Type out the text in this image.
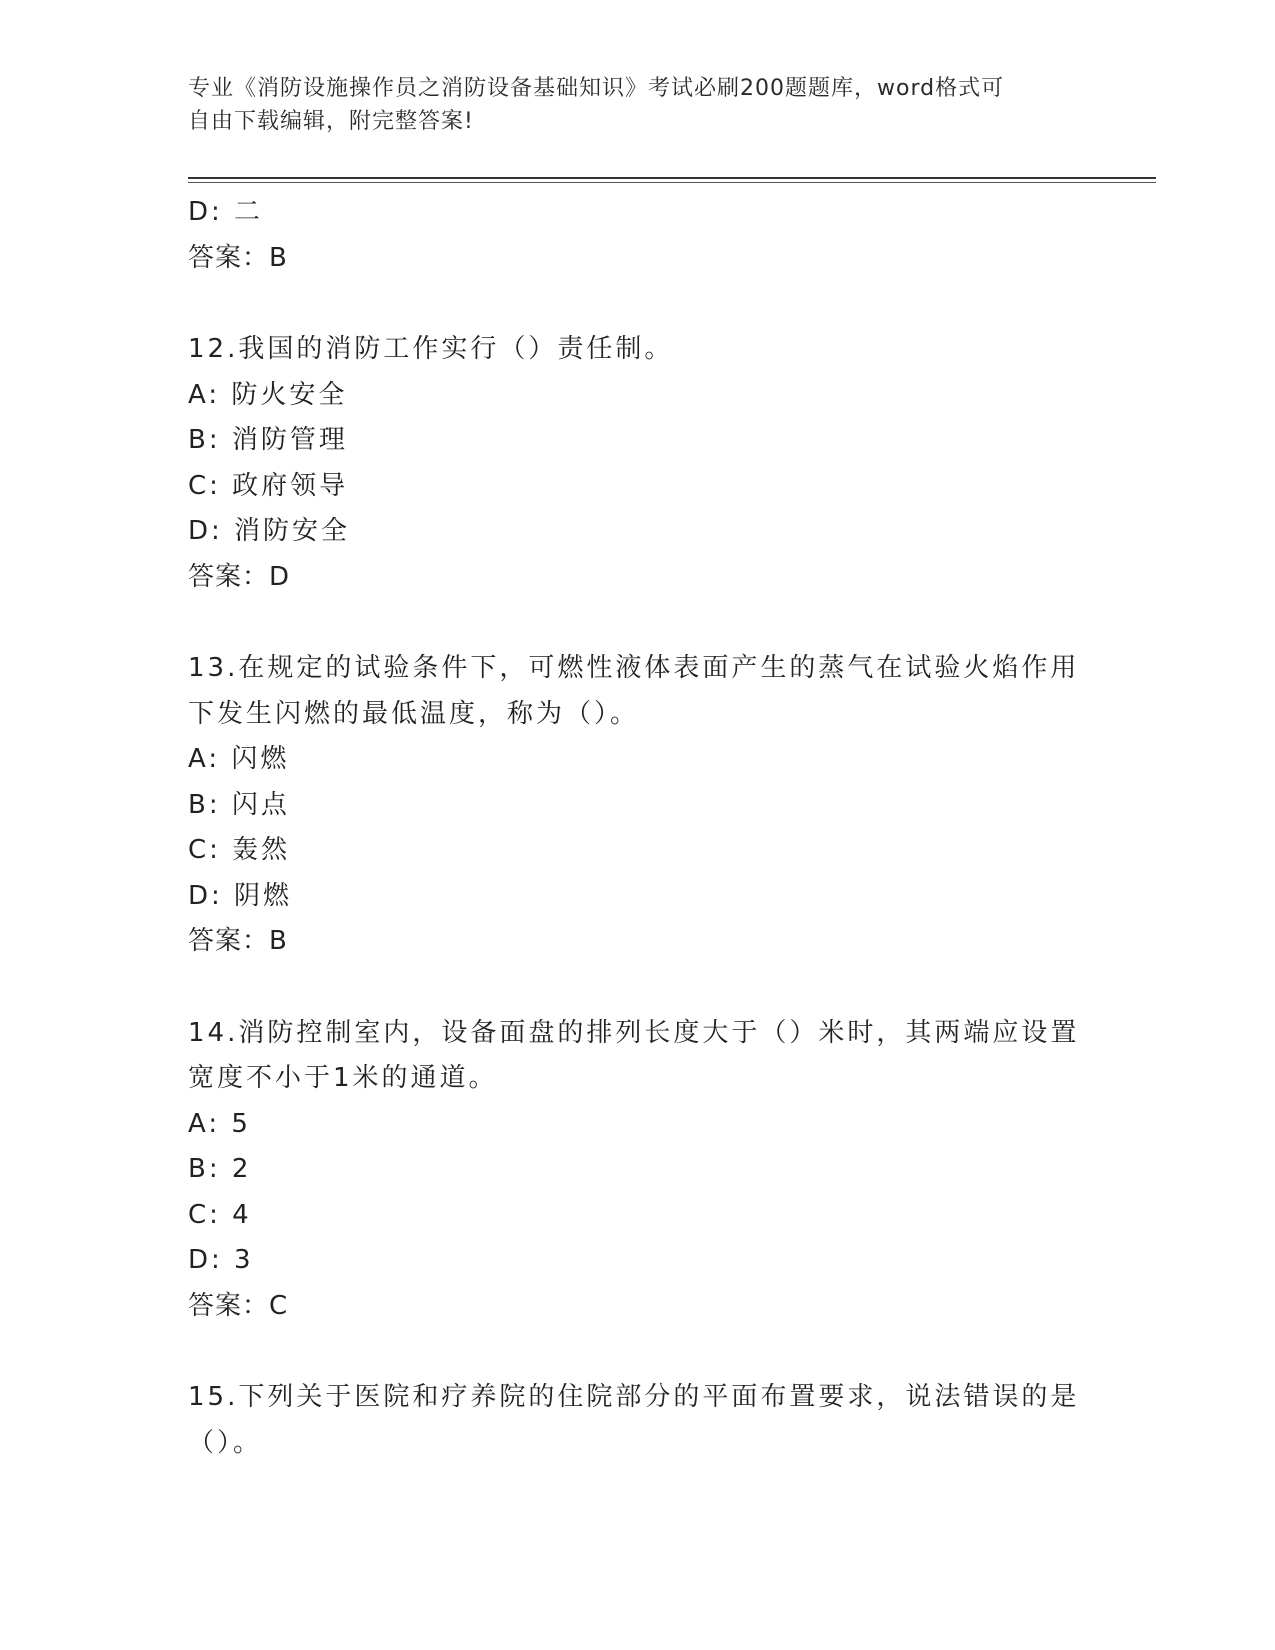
专业《消防设施操作员之消防设备基础知识》考试必刷200题题库，word格式可
自由下载编辑，附完整答案!
D: 二
答案：B
12.我国的消防工作实行（）责任制。
A: 防火安全
B: 消防管理
C: 政府领导
D: 消防安全
答案：D
13.在规定的试验条件下，可燃性液体表面产生的蒸气在试验火焰作用
下发生闪燃的最低温度，称为（）。
A: 闪燃
B: 闪点
C: 轰然
D: 阴燃
答案：B
14.消防控制室内，设备面盘的排列长度大于（）米时，其两端应设置
宽度不小于1米的通道。
A: 5
B: 2
C: 4
D: 3
答案：C
15.下列关于医院和疗养院的住院部分的平面布置要求，说法错误的是
（）。
